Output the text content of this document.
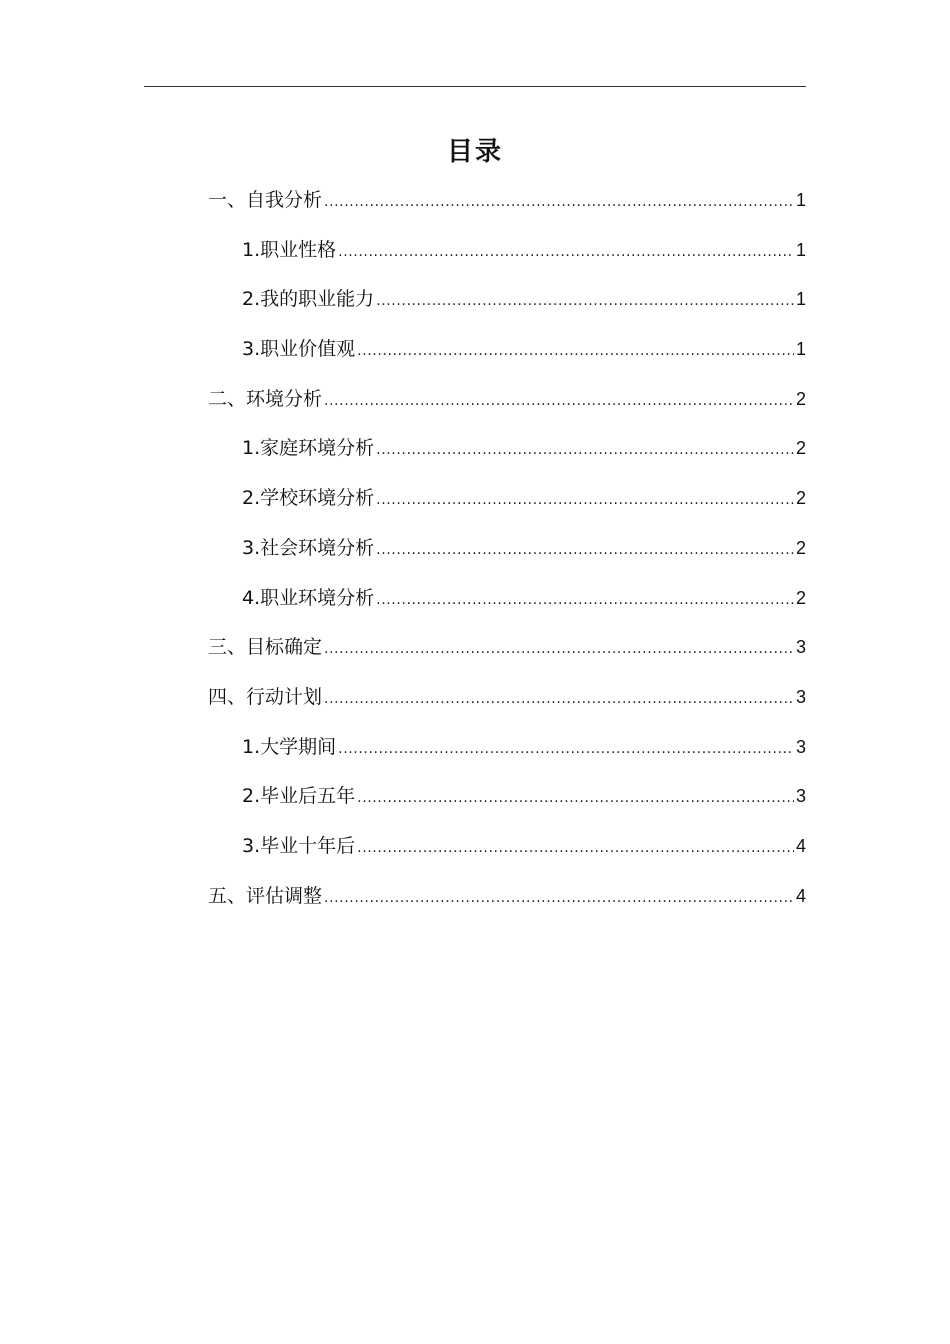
目录
一、自我分析 .....	1
1.职业性格 .....	1
2.我的职业能力 .....	1
3.职业价值观 .....	1
二、环境分析 .....	2
1.家庭环境分析 .....	2
2.学校环境分析 .....	2
3.社会环境分析 .....	2
4.职业环境分析 .....	2
三、目标确定 .....	3
四、行动计划 .....	3
1.大学期间 .....	3
2.毕业后五年 .....	3
3.毕业十年后 .....	4
五、评估调整 .....	4
